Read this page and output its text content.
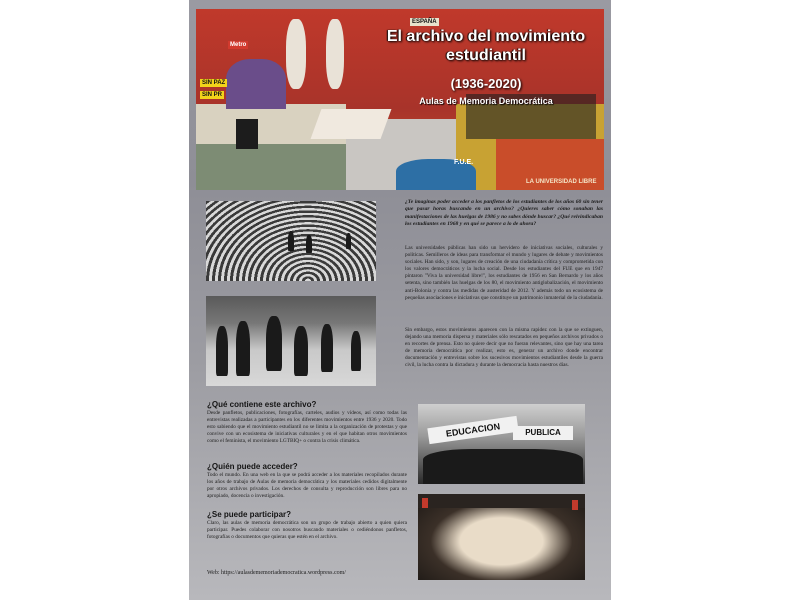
Metro
ESPAÑA
SIN PAZ
SIN PR
F.U.E.
LA UNIVERSIDAD LIBRE
El archivo del movimiento estudiantil
(1936-2020)
Aulas de Memoria Democrática
EDUCACION	PUBLICA
¿Te imaginas poder acceder a los panfletos de los estudiantes de los años 60 sin tener que pasar horas buscando en un archivo? ¿Quieres saber cómo sonaban las manifestaciones de las huelgas de 1986 y no sabes dónde buscar? ¿Qué reivindicaban los estudiantes en 1968 y en qué se parece a lo de ahora?
Las universidades públicas han sido un hervidero de iniciativas sociales, culturales y políticas. Semilleros de ideas para transformar el mundo y lugares de debate y movimientos sociales. Han sido, y son, lugares de creación de una ciudadanía crítica y comprometida con los valores democráticos y la lucha social. Desde los estudiantes del FUE que en 1947 pintaron "Viva la universidad libre!", los estudiantes de 1956 en San Bernardo y los años setenta, sino también las huelgas de los 80, el movimiento antiglobalización, el movimiento anti-Bolonia y contra las medidas de austeridad de 2012. Y además todo un ecosistema de pequeñas asociaciones e iniciativas que constituye un patrimonio inmaterial de la ciudadanía.
Sin embargo, estos movimientos aparecen con la misma rapidez con la que se extinguen, dejando una memoria dispersa y materiales sólo rescatados en pequeños archivos privados o en recortes de prensa. Esto no quiere decir que no fueran relevantes, sino que hay una tarea de memoria democrática por realizar, esto es, generar un archivo donde encontrar documentación y entrevistas sobre los sucesivos movimientos estudiantiles desde la guerra civil, la lucha contra la dictadura y durante la democracia hasta nuestros días.
¿Qué contiene este archivo?
Desde panfletos, publicaciones, fotografías, carteles, audios y vídeos, así como todas las entrevistas realizadas a participantes en los diferentes movimientos entre 1936 y 2020. Todo esto sabiendo que el movimiento estudiantil no se limita a la organización de protestas y que convive con un ecosistema de iniciativas culturales y en el que habitan otros movimientos como el feminista, el movimiento LGTBIQ+ o contra la crisis climática.
¿Quién puede acceder?
Todo el mundo. En una web en la que se podrá acceder a los materiales recopilados durante los años de trabajo de Aulas de memoria democrática y los materiales cedidos digitalmente por otros archivos privados. Los derechos de consulta y reproducción son libres para no apropiado, docencia o investigación.
¿Se puede participar?
Claro, las aulas de memoria democrática son un grupo de trabajo abierto a quien quiera participar. Puedes colaborar con nosotros buscando materiales o cediéndonos panfletos, fotografías o documentos que quieras que estén en el archivo.
Web: https://aulasdememoriademocratica.wordpress.com/
